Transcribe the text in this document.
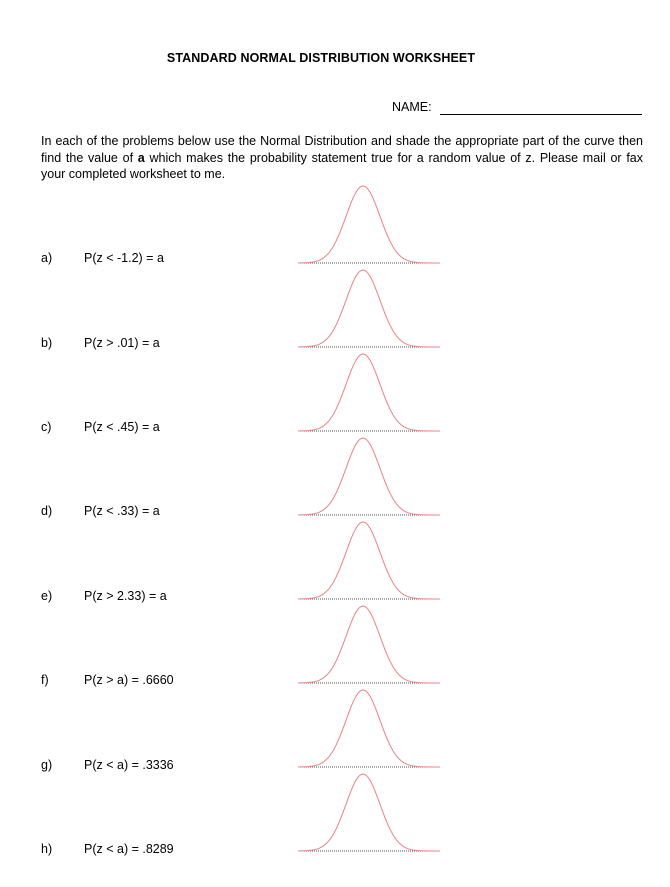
STANDARD NORMAL DISTRIBUTION WORKSHEET
NAME:
In each of the problems below use the Normal Distribution and shade the appropriate part of the curve then find the value of a which makes the probability statement true for a random value of z. Please mail or fax your completed worksheet to me.
a)	P(z < -1.2) = a
b)	P(z > .01) = a
c)	P(z < .45) = a
d)	P(z < .33) = a
e)	P(z > 2.33) = a
f)	P(z > a) = .6660
g)	P(z < a) = .3336
h)	P(z < a) = .8289
